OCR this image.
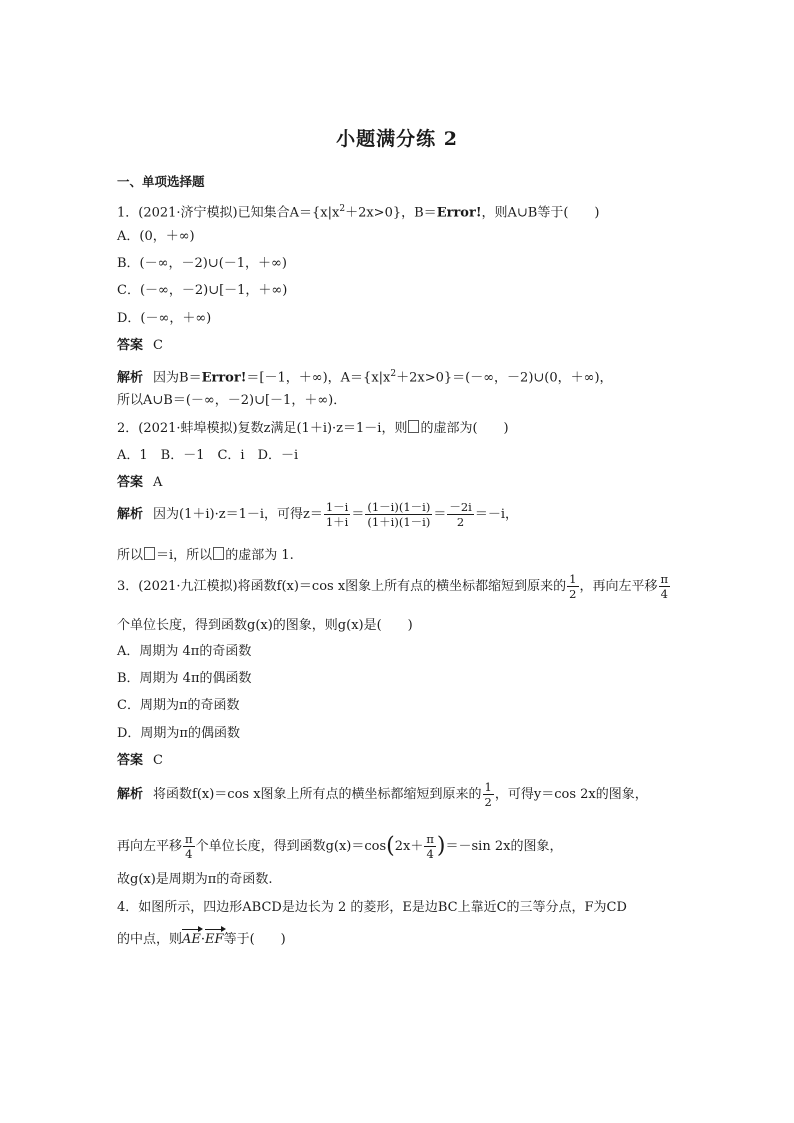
小题满分练 2
一、单项选择题
1．(2021·济宁模拟)已知集合$A=\{x|x^2+2x>0\}$，B＝Error!，则A∪B等于(　　)
A．(0，＋∞)
B．(－∞，－2)∪(－1，＋∞)
C．(－∞，－2)∪[－1，＋∞)
D．(－∞，＋∞)
答案 C
解析 因为B＝Error!＝[－1，＋∞)，$A=\{x|x^2+2x>0\}=(-\infty$，－2)∪(0，＋∞)，
所以A∪B＝(－∞，－2)∪[－1，＋∞)．
2．(2021·蚌埠模拟)复数z满足(1＋i)·z＝1－i，则 的虚部为(　　)
A．1　B．－1　C．i　D．－i
答案 A
解析 因为(1＋i)·z＝1－i，可得$z= \frac{1-i}{1+i} = \frac{(1-i)(1-i)}{(1+i)(1-i)} = \frac{-2i}{2} =-i$，
所以 ＝i，所以 的虚部为 1.
3．(2021·九江模拟)将函数f(x)＝cos x图象上所有点的横坐标都缩短到原来的 $\frac{1}{2}$ ，再向左平移 $\frac{\pi}{4}$
个单位长度，得到函数g(x)的图象，则g(x)是(　　)
A．周期为 4π的奇函数
B．周期为 4π的偶函数
C．周期为π的奇函数
D．周期为π的偶函数
答案 C
解析 将函数f(x)＝cos x图象上所有点的横坐标都缩短到原来的 $\frac{1}{2}$ ，可得y＝cos 2x的图象，
再向左平移 $\frac{\pi}{4}$ 个单位长度，得到函数$g(x)=\cos(2x+ \frac{\pi}{4} )=-\sin$ 2x的图象，
故g(x)是周期为π的奇函数.
4．如图所示，四边形ABCD是边长为 2 的菱形，E是边BC上靠近C的三等分点，F为CD
的中点，则AE·EF等于(　　)
